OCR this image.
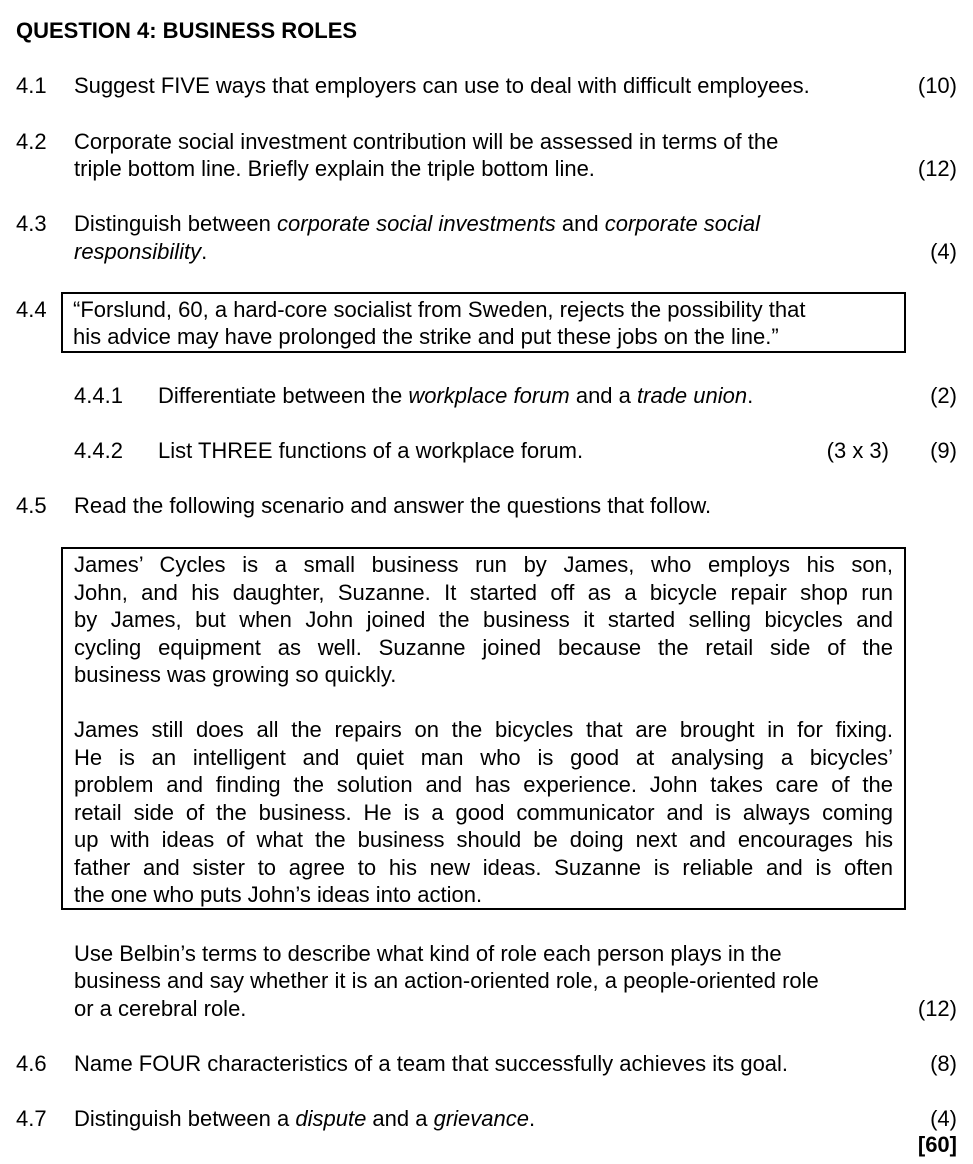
QUESTION 4: BUSINESS ROLES
4.1 Suggest FIVE ways that employers can use to deal with difficult employees.	(10)
4.2 Corporate social investment contribution will be assessed in terms of the
triple bottom line. Briefly explain the triple bottom line.	(12)
4.3 Distinguish between corporate social investments and corporate social
responsibility.	(4)
4.4 “Forslund, 60, a hard-core socialist from Sweden, rejects the possibility that
his advice may have prolonged the strike and put these jobs on the line.”
4.4.1 Differentiate between the workplace forum and a trade union.	(2)
4.4.2 List THREE functions of a workplace forum.	(3 x 3) (9)
4.5 Read the following scenario and answer the questions that follow.
James’ Cycles is a small business run by James, who employs his son,
John, and his daughter, Suzanne. It started off as a bicycle repair shop run
by James, but when John joined the business it started selling bicycles and
cycling equipment as well. Suzanne joined because the retail side of the
business was growing so quickly.
James still does all the repairs on the bicycles that are brought in for fixing.
He is an intelligent and quiet man who is good at analysing a bicycles’
problem and finding the solution and has experience. John takes care of the
retail side of the business. He is a good communicator and is always coming
up with ideas of what the business should be doing next and encourages his
father and sister to agree to his new ideas. Suzanne is reliable and is often
the one who puts John’s ideas into action.
Use Belbin’s terms to describe what kind of role each person plays in the
business and say whether it is an action-oriented role, a people-oriented role
or a cerebral role.	(12)
4.6 Name FOUR characteristics of a team that successfully achieves its goal.	(8)
4.7 Distinguish between a dispute and a grievance.	(4)
[60]
